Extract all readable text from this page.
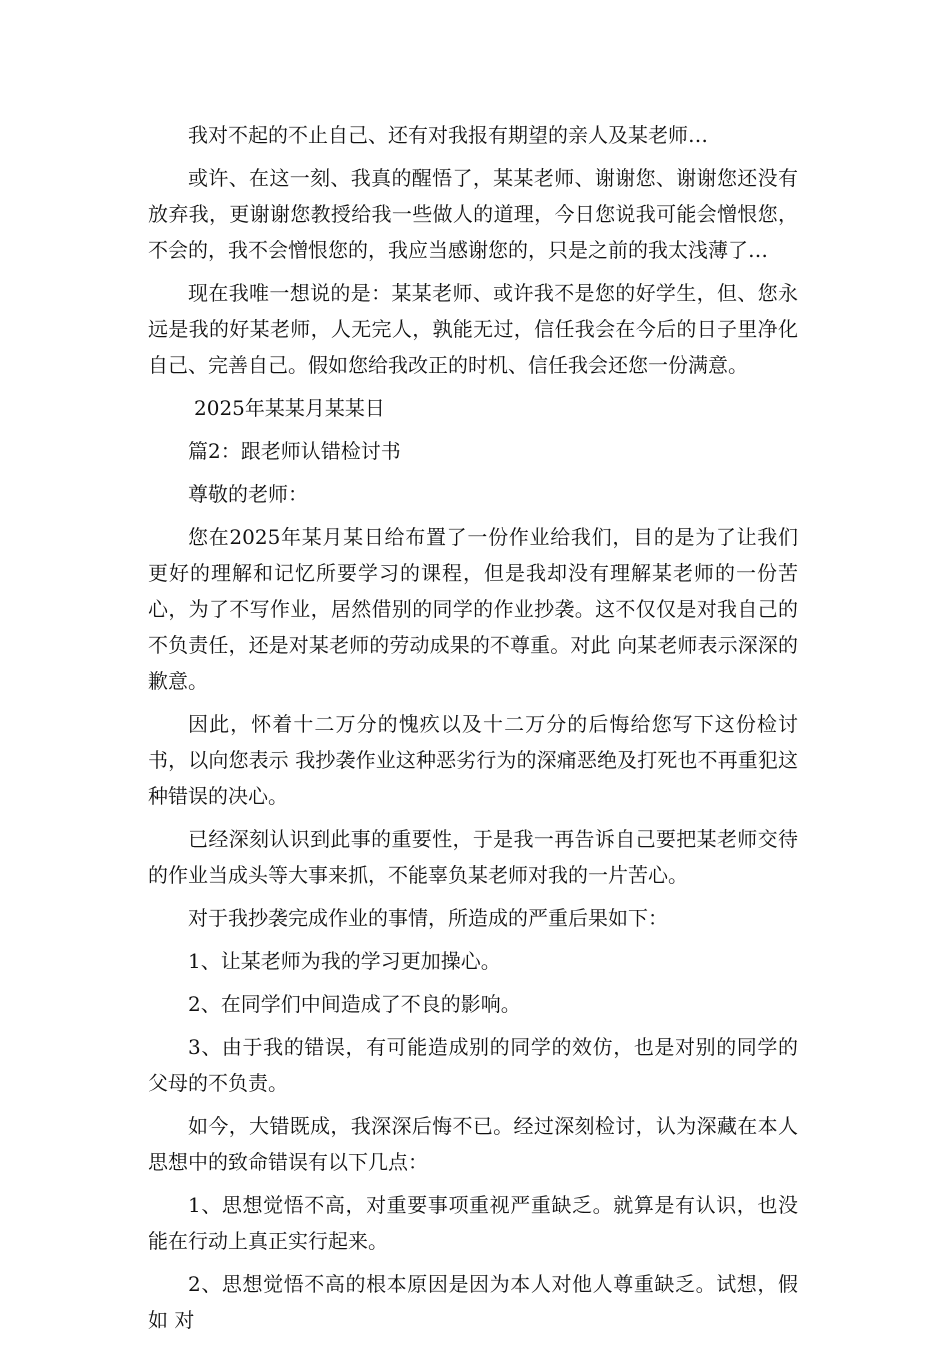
我对不起的不止自己、还有对我报有期望的亲人及某老师…

或许、在这一刻、我真的醒悟了，某某老师、谢谢您、谢谢您还没有放弃我，更谢谢您教授给我一些做人的道理，今日您说我可能会憎恨您，不会的，我不会憎恨您的，我应当感谢您的，只是之前的我太浅薄了…

现在我唯一想说的是：某某老师、或许我不是您的好学生，但、您永远是我的好某老师，人无完人，孰能无过，信任我会在今后的日子里净化自己、完善自己。假如您给我改正的时机、信任我会还您一份满意。

2025年某某月某某日

篇2：跟老师认错检讨书

尊敬的老师：

您在2025年某月某日给布置了一份作业给我们，目的是为了让我们更好的理解和记忆所要学习的课程，但是我却没有理解某老师的一份苦心，为了不写作业，居然借别的同学的作业抄袭。这不仅仅是对我自己的不负责任，还是对某老师的劳动成果的不尊重。对此 向某老师表示深深的歉意。

因此，怀着十二万分的愧疚以及十二万分的后悔给您写下这份检讨书，以向您表示 我抄袭作业这种恶劣行为的深痛恶绝及打死也不再重犯这种错误的决心。

已经深刻认识到此事的重要性，于是我一再告诉自己要把某老师交待的作业当成头等大事来抓，不能辜负某老师对我的一片苦心。

对于我抄袭完成作业的事情，所造成的严重后果如下：

1、让某老师为我的学习更加操心。

2、在同学们中间造成了不良的影响。

3、由于我的错误，有可能造成别的同学的效仿，也是对别的同学的父母的不负责。

如今，大错既成，我深深后悔不已。经过深刻检讨，认为深藏在本人思想中的致命错误有以下几点：

1、思想觉悟不高，对重要事项重视严重缺乏。就算是有认识，也没能在行动上真正实行起来。

2、思想觉悟不高的根本原因是因为本人对他人尊重缺乏。试想，假如 对
